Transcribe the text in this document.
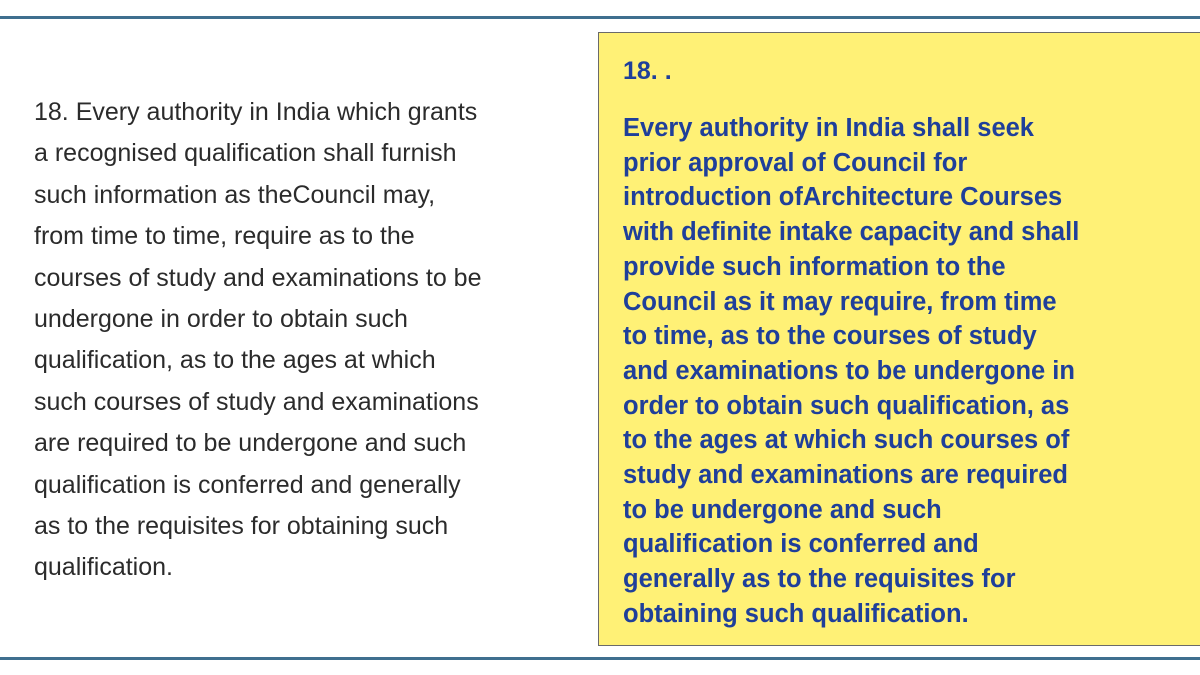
18. Every authority in India which grants
a recognised qualification shall furnish
such information as theCouncil may,
from time to time, require as to the
courses of study and examinations to be
undergone in order to obtain such
qualification, as to the ages at which
such courses of study and examinations
are required to be undergone and such
qualification is conferred and generally
as to the requisites for obtaining such
qualification.
18. .
Every authority in India shall seek
prior approval of Council for
introduction ofArchitecture Courses
with definite intake capacity and shall
provide such information to the
Council as it may require, from time
to time, as to the courses of study
and examinations to be undergone in
order to obtain such qualification, as
to the ages at which such courses of
study and examinations are required
to be undergone and such
qualification is conferred and
generally as to the requisites for
obtaining such qualification.
